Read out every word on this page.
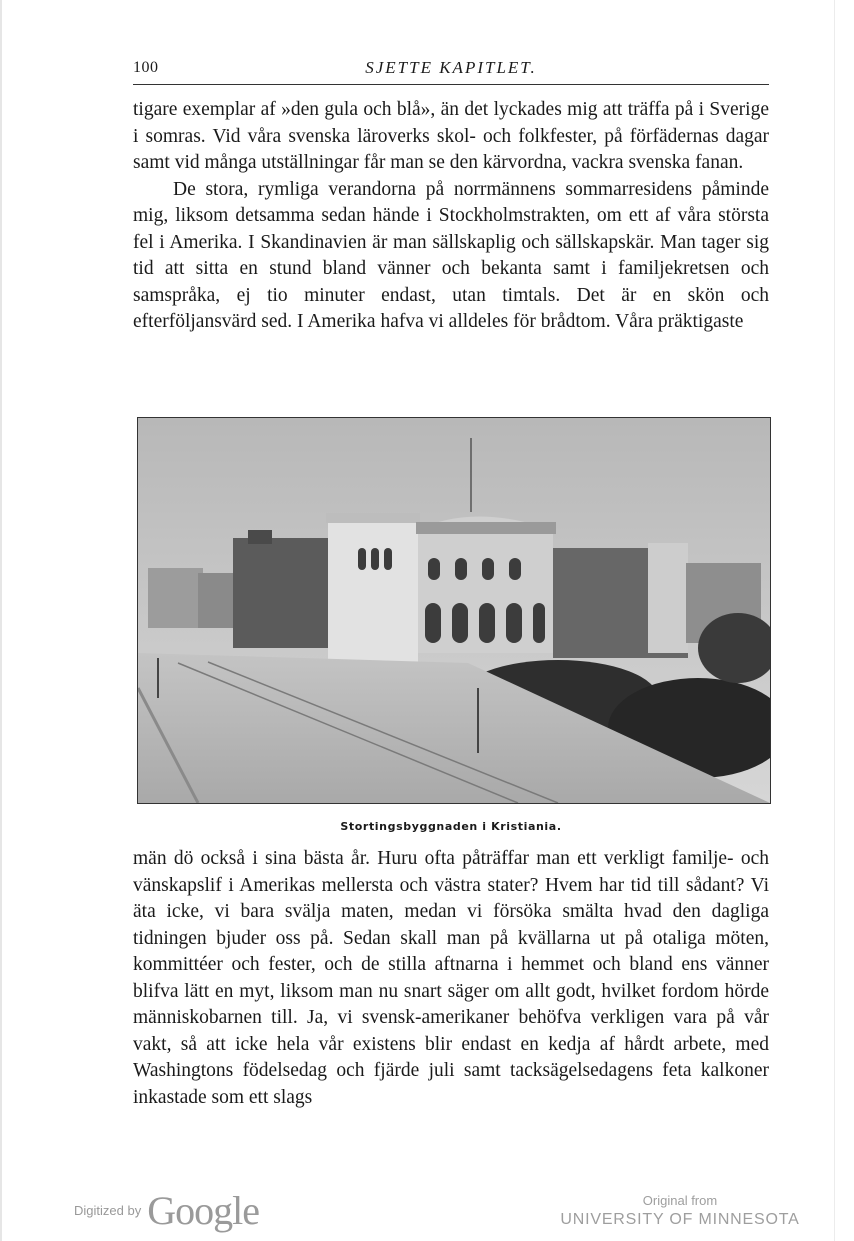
100	SJETTE KAPITLET.

tigare exemplar af »den gula och blå», än det lyckades mig att träffa på i Sverige i somras. Vid våra svenska läroverks skol- och folkfester, på förfädernas dagar samt vid många utställningar får man se den kärvordna, vackra svenska fanan.

De stora, rymliga verandorna på norrmännens sommarresidens påminde mig, liksom detsamma sedan hände i Stockholmstrakten, om ett af våra största fel i Amerika. I Skandinavien är man sällskaplig och sällskapskär. Man tager sig tid att sitta en stund bland vänner och bekanta samt i familjekretsen och samspråka, ej tio minuter endast, utan timtals. Det är en skön och efterföljansvärd sed. I Amerika hafva vi alldeles för brådtom. Våra präktigaste

Stortingsbyggnaden i Kristiania.

män dö också i sina bästa år. Huru ofta påträffar man ett verkligt familje- och vänskapslif i Amerikas mellersta och västra stater? Hvem har tid till sådant? Vi äta icke, vi bara svälja maten, medan vi försöka smälta hvad den dagliga tidningen bjuder oss på. Sedan skall man på kvällarna ut på otaliga möten, kommittéer och fester, och de stilla aftnarna i hemmet och bland ens vänner blifva lätt en myt, liksom man nu snart säger om allt godt, hvilket fordom hörde människobarnen till. Ja, vi svensk-amerikaner behöfva verkligen vara på vår vakt, så att icke hela vår existens blir endast en kedja af hårdt arbete, med Washingtons födelsedag och fjärde juli samt tacksägelsedagens feta kalkoner inkastade som ett slags

Digitized by Google	Original from
UNIVERSITY OF MINNESOTA
